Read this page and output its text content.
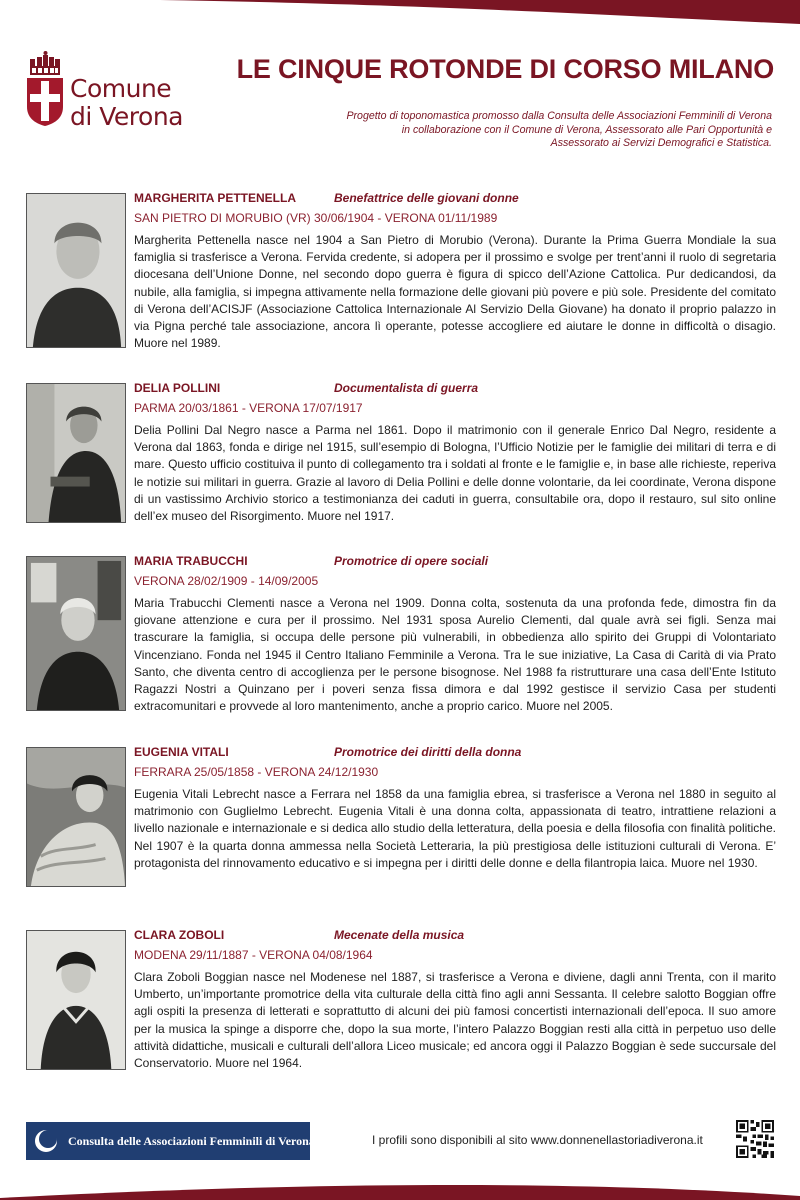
Comune
di Verona
LE CINQUE ROTONDE DI CORSO MILANO
Progetto di toponomastica promosso dalla Consulta delle Associazioni Femminili di Verona
in collaborazione con il Comune di Verona, Assessorato alle Pari Opportunità e
Assessorato ai Servizi Demografici e Statistica.
MARGHERITA PETTENELLA	Benefattrice delle giovani donne
SAN PIETRO DI MORUBIO (VR) 30/06/1904 - VERONA 01/11/1989

Margherita Pettenella nasce nel 1904 a San Pietro di Morubio (Verona). Durante la Prima Guerra Mondiale la sua famiglia si trasferisce a Verona. Fervida credente, si adopera per il prossimo e svolge per trent’anni il ruolo di segretaria diocesana dell’Unione Donne, nel secondo dopo guerra è figura di spicco dell’Azione Cattolica. Pur dedicandosi, da nubile, alla famiglia, si impegna attivamente nella formazione delle giovani più povere e più sole. Presidente del comitato di Verona dell’ACISJF (Associazione Cattolica Internazionale Al Servizio Della Giovane) ha donato il proprio palazzo in via Pigna perché tale associazione, ancora lì operante, potesse accogliere ed aiutare le donne in difficoltà o disagio. Muore nel 1989.

DELIA POLLINI	Documentalista di guerra
PARMA 20/03/1861 - VERONA 17/07/1917

Delia Pollini Dal Negro nasce a Parma nel 1861. Dopo il matrimonio con il generale Enrico Dal Negro, residente a Verona dal 1863, fonda e dirige nel 1915, sull’esempio di Bologna, l’Ufficio Notizie per le famiglie dei militari di terra e di mare. Questo ufficio costituiva il punto di collegamento tra i soldati al fronte e le famiglie e, in base alle richieste, reperiva le notizie sui militari in guerra. Grazie al lavoro di Delia Pollini e delle donne volontarie, da lei coordinate, Verona dispone di un vastissimo Archivio storico a testimonianza dei caduti in guerra, consultabile ora, dopo il restauro, sul sito online dell’ex museo del Risorgimento. Muore nel 1917.

MARIA TRABUCCHI	Promotrice di opere sociali
VERONA 28/02/1909 - 14/09/2005

Maria Trabucchi Clementi nasce a Verona nel 1909. Donna colta, sostenuta da una profonda fede, dimostra fin da giovane attenzione e cura per il prossimo. Nel 1931 sposa Aurelio Clementi, dal quale avrà sei figli. Senza mai trascurare la famiglia, si occupa delle persone più vulnerabili, in obbedienza allo spirito dei Gruppi di Volontariato Vincenziano. Fonda nel 1945 il Centro Italiano Femminile a Verona. Tra le sue iniziative, La Casa di Carità di via Prato Santo, che diventa centro di accoglienza per le persone bisognose. Nel 1988 fa ristrutturare una casa dell’Ente Istituto Ragazzi Nostri a Quinzano per i poveri senza fissa dimora e dal 1992 gestisce il servizio Casa per studenti extracomunitari e provvede al loro mantenimento, anche a proprio carico. Muore nel 2005.

EUGENIA VITALI	Promotrice dei diritti della donna
FERRARA 25/05/1858 - VERONA 24/12/1930

Eugenia Vitali Lebrecht nasce a Ferrara nel 1858 da una famiglia ebrea, si trasferisce a Verona nel 1880 in seguito al matrimonio con Guglielmo Lebrecht. Eugenia Vitali è una donna colta, appassionata di teatro, intrattiene relazioni a livello nazionale e internazionale e si dedica allo studio della letteratura, della poesia e della filosofia con finalità politiche. Nel 1907 è la quarta donna ammessa nella Società Letteraria, la più prestigiosa delle istituzioni culturali di Verona. E’ protagonista del rinnovamento educativo e si impegna per i diritti delle donne e della filantropia laica. Muore nel 1930.

CLARA ZOBOLI	Mecenate della musica
MODENA 29/11/1887 - VERONA 04/08/1964

Clara Zoboli Boggian nasce nel Modenese nel 1887, si trasferisce a Verona e diviene, dagli anni Trenta, con il marito Umberto, un’importante promotrice della vita culturale della città fino agli anni Sessanta. Il celebre salotto Boggian offre agli ospiti la presenza di letterati e soprattutto di alcuni dei più famosi concertisti internazionali dell’epoca. Il suo amore per la musica la spinge a disporre che, dopo la sua morte, l’intero Palazzo Boggian resti alla città in perpetuo uso delle attività didattiche, musicali e culturali dell’allora Liceo musicale; ed ancora oggi il Palazzo Boggian è sede succursale del Conservatorio. Muore nel 1964.

Consulta delle Associazioni Femminili di Verona	I profili sono disponibili al sito www.donnenellastoriadiverona.it
